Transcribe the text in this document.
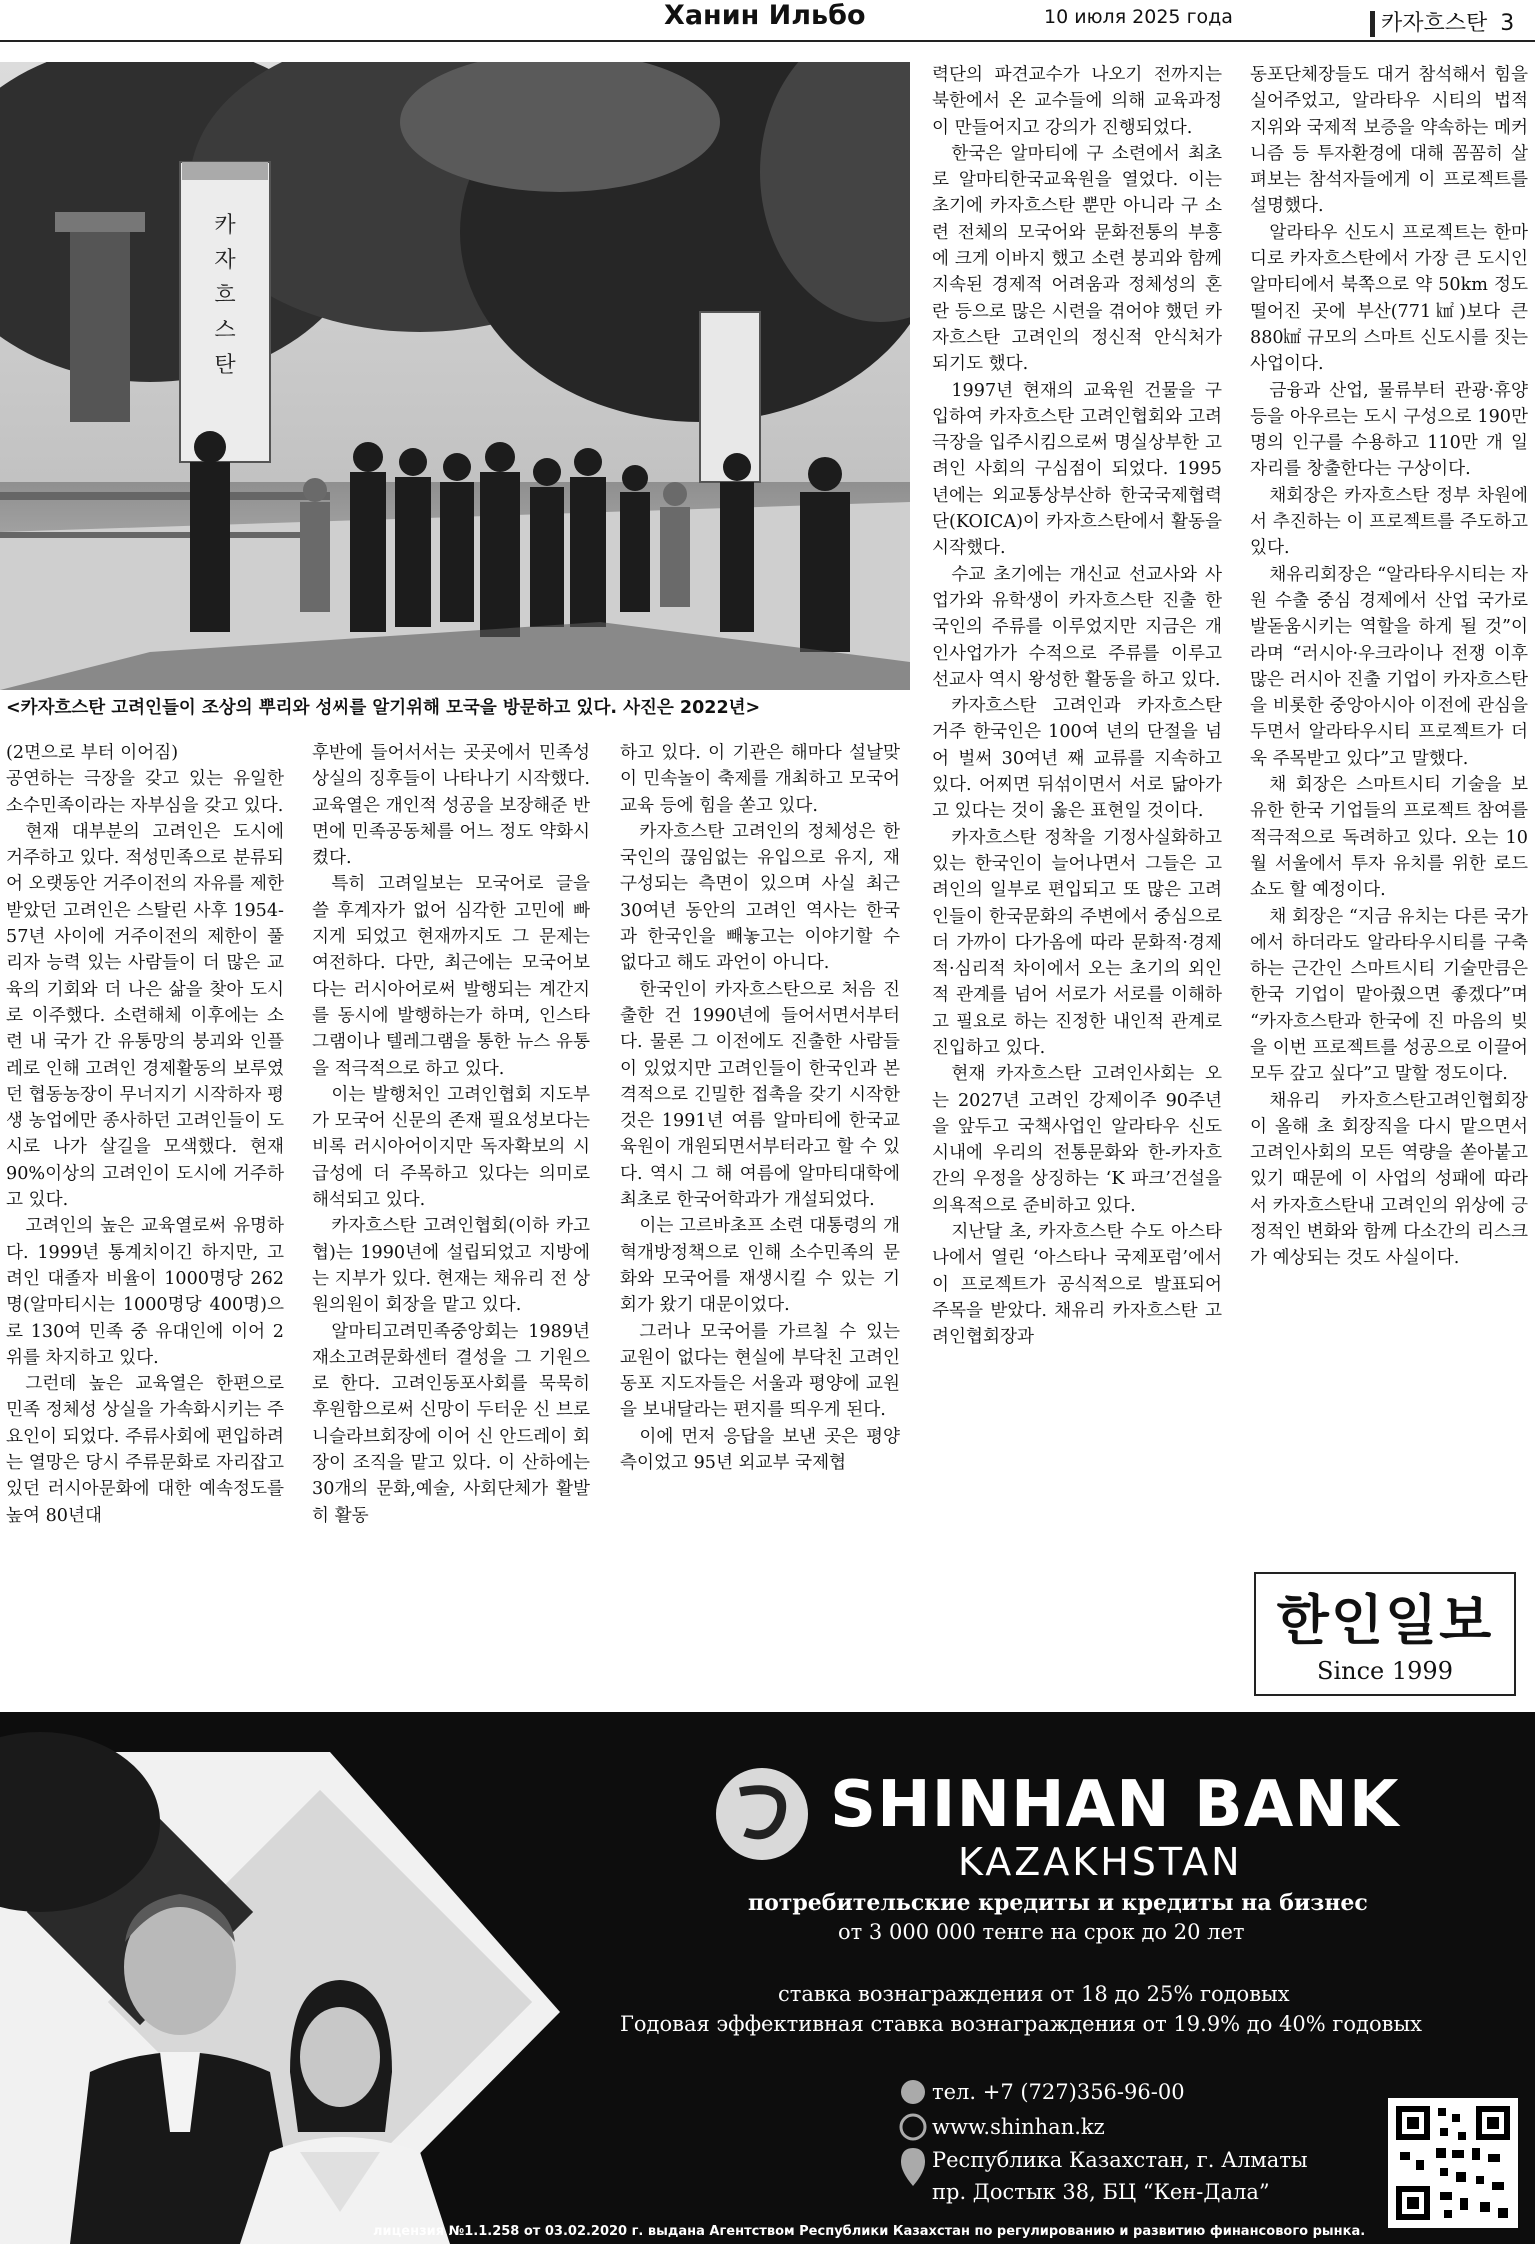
Ханин Ильбо	10 июля 2025 года	카자흐스탄 3
카
자
흐
스
탄
<카자흐스탄 고려인들이 조상의 뿌리와 성씨를 알기위해 모국을 방문하고 있다. 사진은 2022년>

(2면으로 부터 이어짐)

공연하는 극장을 갖고 있는 유일한 소수민족이라는 자부심을 갖고 있다.

현재 대부분의 고려인은 도시에 거주하고 있다. 적성민족으로 분류되어 오랫동안 거주이전의 자유를 제한받았던 고려인은 스탈린 사후 1954-57년 사이에 거주이전의 제한이 풀리자 능력 있는 사람들이 더 많은 교육의 기회와 더 나은 삶을 찾아 도시로 이주했다. 소련해체 이후에는 소련 내 국가 간 유통망의 붕괴와 인플레로 인해 고려인 경제활동의 보루였던 협동농장이 무너지기 시작하자 평생 농업에만 종사하던 고려인들이 도시로 나가 살길을 모색했다. 현재 90%이상의 고려인이 도시에 거주하고 있다.

고려인의 높은 교육열로써 유명하다. 1999년 통계치이긴 하지만, 고려인 대졸자 비율이 1000명당 262명(알마티시는 1000명당 400명)으로 130여 민족 중 유대인에 이어 2위를 차지하고 있다.

그런데 높은 교육열은 한편으로 민족 정체성 상실을 가속화시키는 주 요인이 되었다. 주류사회에 편입하려는 열망은 당시 주류문화로 자리잡고 있던 러시아문화에 대한 예속정도를 높여 80년대

후반에 들어서서는 곳곳에서 민족성 상실의 징후들이 나타나기 시작했다. 교육열은 개인적 성공을 보장해준 반면에 민족공동체를 어느 정도 약화시켰다.

특히 고려일보는 모국어로 글을 쓸 후계자가 없어 심각한 고민에 빠지게 되었고 현재까지도 그 문제는 여전하다. 다만, 최근에는 모국어보다는 러시아어로써 발행되는 계간지를 동시에 발행하는가 하며, 인스타그램이나 텔레그램을 통한 뉴스 유통을 적극적으로 하고 있다.

이는 발행처인 고려인협회 지도부가 모국어 신문의 존재 필요성보다는 비록 러시아어이지만 독자확보의 시급성에 더 주목하고 있다는 의미로 해석되고 있다.

카자흐스탄 고려인협회(이하 카고협)는 1990년에 설립되었고 지방에는 지부가 있다. 현재는 채유리 전 상원의원이 회장을 맡고 있다.

알마티고려민족중앙회는 1989년 재소고려문화센터 결성을 그 기원으로 한다. 고려인동포사회를 묵묵히 후원함으로써 신망이 두터운 신 브로니슬라브회장에 이어 신 안드레이 회장이 조직을 맡고 있다. 이 산하에는 30개의 문화,예술, 사회단체가 활발히 활동

하고 있다. 이 기관은 해마다 설날맞이 민속놀이 축제를 개최하고 모국어교육 등에 힘을 쏟고 있다.

카자흐스탄 고려인의 정체성은 한국인의 끊임없는 유입으로 유지, 재구성되는 측면이 있으며 사실 최근 30여년 동안의 고려인 역사는 한국과 한국인을 빼놓고는 이야기할 수 없다고 해도 과언이 아니다.

한국인이 카자흐스탄으로 처음 진출한 건 1990년에 들어서면서부터다. 물론 그 이전에도 진출한 사람들이 있었지만 고려인들이 한국인과 본격적으로 긴밀한 접촉을 갖기 시작한 것은 1991년 여름 알마티에 한국교육원이 개원되면서부터라고 할 수 있다. 역시 그 해 여름에 알마티대학에 최초로 한국어학과가 개설되었다.

이는 고르바초프 소련 대통령의 개혁개방정책으로 인해 소수민족의 문화와 모국어를 재생시킬 수 있는 기회가 왔기 대문이었다.

그러나 모국어를 가르칠 수 있는 교원이 없다는 현실에 부닥친 고려인 동포 지도자들은 서울과 평양에 교원을 보내달라는 편지를 띄우게 된다.

이에 먼저 응답을 보낸 곳은 평양측이었고 95년 외교부 국제협

력단의 파견교수가 나오기 전까지는 북한에서 온 교수들에 의해 교육과정이 만들어지고 강의가 진행되었다.

한국은 알마티에 구 소련에서 최초로 알마티한국교육원을 열었다. 이는 초기에 카자흐스탄 뿐만 아니라 구 소련 전체의 모국어와 문화전통의 부흥에 크게 이바지 했고 소련 붕괴와 함께 지속된 경제적 어려움과 정체성의 혼란 등으로 많은 시련을 겪어야 했던 카자흐스탄 고려인의 정신적 안식처가 되기도 했다.

1997년 현재의 교육원 건물을 구입하여 카자흐스탄 고려인협회와 고려극장을 입주시킴으로써 명실상부한 고려인 사회의 구심점이 되었다. 1995년에는 외교통상부산하 한국국제협력단(KOICA)이 카자흐스탄에서 활동을 시작했다.

수교 초기에는 개신교 선교사와 사업가와 유학생이 카자흐스탄 진출 한국인의 주류를 이루었지만 지금은 개인사업가가 수적으로 주류를 이루고 선교사 역시 왕성한 활동을 하고 있다.

카자흐스탄 고려인과 카자흐스탄 거주 한국인은 100여 년의 단절을 넘어 벌써 30여년 째 교류를 지속하고 있다. 어찌면 뒤섞이면서 서로 닮아가고 있다는 것이 옳은 표현일 것이다.

카자흐스탄 정착을 기정사실화하고 있는 한국인이 늘어나면서 그들은 고려인의 일부로 편입되고 또 많은 고려인들이 한국문화의 주변에서 중심으로 더 가까이 다가옴에 따라 문화적·경제적·심리적 차이에서 오는 초기의 외인적 관계를 넘어 서로가 서로를 이해하고 필요로 하는 진정한 내인적 관계로 진입하고 있다.

현재 카자흐스탄 고려인사회는 오는 2027년 고려인 강제이주 90주년을 앞두고 국책사업인 알라타우 신도시내에 우리의 전통문화와 한-카자흐 간의 우정을 상징하는 ‘K 파크’건설을 의욕적으로 준비하고 있다.

지난달 초, 카자흐스탄 수도 아스타나에서 열린 ‘아스타나 국제포럼’에서 이 프로젝트가 공식적으로 발표되어 주목을 받았다. 채유리 카자흐스탄 고려인협회장과

동포단체장들도 대거 참석해서 힘을 실어주었고, 알라타우 시티의 법적 지위와 국제적 보증을 약속하는 메커니즘 등 투자환경에 대해 꼼꼼히 살펴보는 참석자들에게 이 프로젝트를 설명했다.

알라타우 신도시 프로젝트는 한마디로 카자흐스탄에서 가장 큰 도시인 알마티에서 북쪽으로 약 50km 정도 떨어진 곳에 부산(771㎢)보다 큰 880㎢ 규모의 스마트 신도시를 짓는 사업이다.

금융과 산업, 물류부터 관광·휴양 등을 아우르는 도시 구성으로 190만 명의 인구를 수용하고 110만 개 일자리를 창출한다는 구상이다.

채회장은 카자흐스탄 정부 차원에서 추진하는 이 프로젝트를 주도하고 있다.

채유리회장은 “알라타우시티는 자원 수출 중심 경제에서 산업 국가로 발돋움시키는 역할을 하게 될 것”이라며 “러시아·우크라이나 전쟁 이후 많은 러시아 진출 기업이 카자흐스탄을 비롯한 중앙아시아 이전에 관심을 두면서 알라타우시티 프로젝트가 더욱 주목받고 있다”고 말했다.

채 회장은 스마트시티 기술을 보유한 한국 기업들의 프로젝트 참여를 적극적으로 독려하고 있다. 오는 10월 서울에서 투자 유치를 위한 로드쇼도 할 예정이다.

채 회장은 “지금 유치는 다른 국가에서 하더라도 알라타우시티를 구축하는 근간인 스마트시티 기술만큼은 한국 기업이 맡아줬으면 좋겠다”며 “카자흐스탄과 한국에 진 마음의 빚을 이번 프로젝트를 성공으로 이끌어 모두 갚고 싶다”고 말할 정도이다.

채유리 카자흐스탄고려인협회장이 올해 초 회장직을 다시 맡으면서 고려인사회의 모든 역량을 쏟아붙고 있기 때문에 이 사업의 성패에 따라서 카자흐스탄내 고려인의 위상에 긍정적인 변화와 함께 다소간의 리스크가 예상되는 것도 사실이다.

한인일보
Since 1999
SHINHAN BANK
KAZAKHSTAN
потребительские кредиты и кредиты на бизнес
от 3 000 000 тенге на срок до 20 лет
ставка вознаграждения от 18 до 25% годовых
Годовая эффективная ставка вознаграждения от 19.9% до 40% годовых
тел. +7 (727)356-96-00
www.shinhan.kz
Республика Казахстан, г. Алматы
пр. Достык 38, БЦ “Кен-Дала”
лицензия №1.1.258 от 03.02.2020 г. выдана Агентством Республики Казахстан по регулированию и развитию финансового рынка.
